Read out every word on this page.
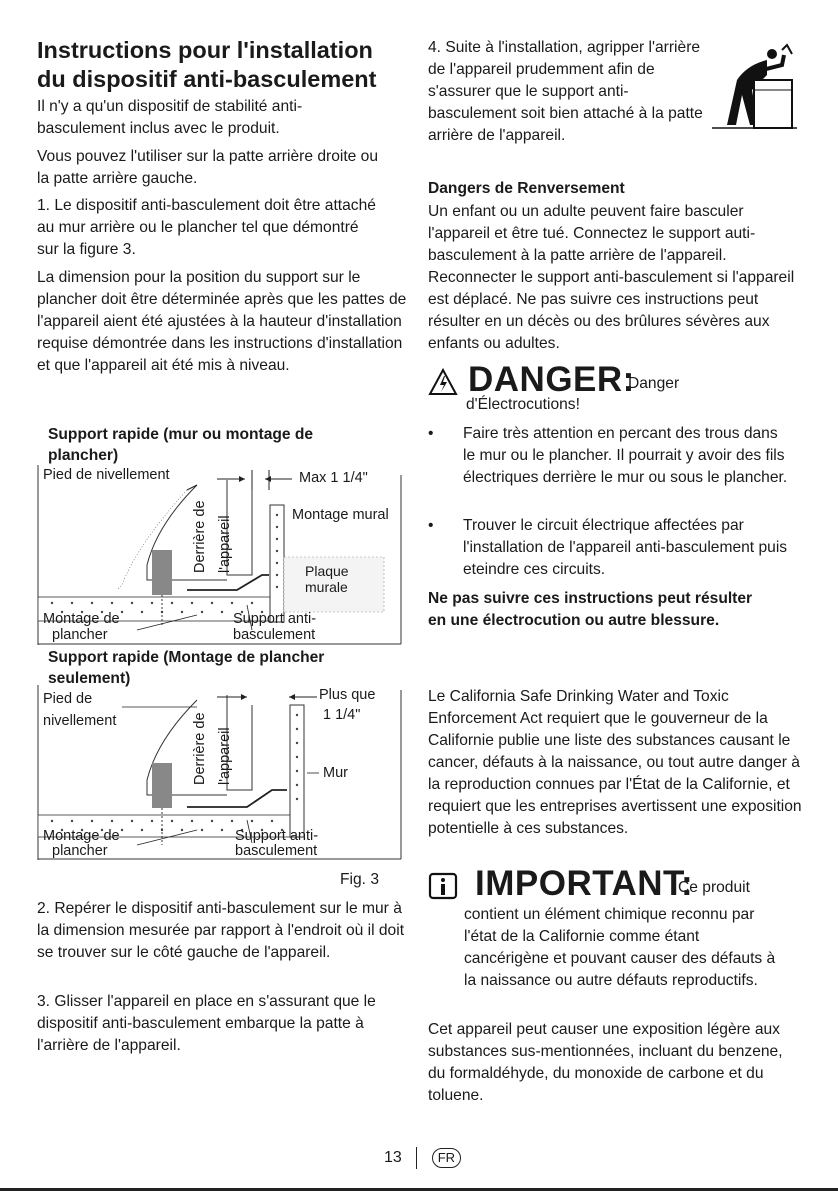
Instructions pour l'installation du dispositif anti-basculement

Il n'y a qu'un dispositif de stabilité anti-basculement inclus avec le produit.

Vous pouvez l'utiliser sur la patte arrière droite ou la patte arrière gauche.

1. Le dispositif anti-basculement doit être attaché au mur arrière ou le plancher tel que démontré sur la figure 3.

La dimension pour la position du support sur le plancher doit être déterminée après que les pattes de l'appareil aient été ajustées à la hauteur d'installation requise démontrée dans les instructions d'installation et que l'appareil ait été mis à niveau.

Support rapide (mur ou montage de plancher)
Pied de nivellement	Max 1 1/4"
Montage mural
Derrière de l'appareil	Plaque
murale
Montage de
plancher
Support anti-
basculement
Support rapide (Montage de plancher seulement)
Pied de
nivellement
Plus que
1 1/4"
Derrière de l'appareil	Mur
Montage de
plancher
Support anti-
basculement
Fig. 3

2. Repérer le dispositif anti-basculement sur le mur à la dimension mesurée par rapport à l'endroit où il doit se trouver sur le côté gauche de l'appareil.

3. Glisser l'appareil en place en s'assurant que le dispositif anti-basculement embarque la patte à l'arrière de l'appareil.

4. Suite à l'installation, agripper l'arrière de l'appareil prudemment afin de s'assurer que le support anti-basculement soit bien attaché à la patte arrière de l'appareil.

Dangers de Renversement

Un enfant ou un adulte peuvent faire basculer l'appareil et être tué. Connectez le support auti-basculement à la patte arrière de l'appareil. Reconnecter le support anti-basculement si l'appareil est déplacé. Ne pas suivre ces instructions peut résulter en un décès ou des brûlures sévères aux enfants ou adultes.

DANGER:
Danger
d'Électrocutions!
• Faire très attention en percant des trous dans le mur ou le plancher. Il pourrait y avoir des fils électriques derrière le mur ou sous le plancher.
• Trouver le circuit électrique affectées par l'installation de l'appareil anti-basculement puis eteindre ces circuits.
Ne pas suivre ces instructions peut résulter en une électrocution ou autre blessure.

Le California Safe Drinking Water and Toxic Enforcement Act requiert que le gouverneur de la Californie publie une liste des substances causant le cancer, défauts à la naissance, ou tout autre danger à la reproduction connues par l'État de la Californie, et requiert que les entreprises avertissent une exposition potentielle à ces substances.

IMPORTANT:
Ce produit

contient un élément chimique reconnu par l'état de la Californie comme étant cancérigène et pouvant causer des défauts à la naissance ou autre défauts reproductifs.

Cet appareil peut causer une exposition légère aux substances sus-mentionnées, incluant du benzene, du formaldéhyde, du monoxide de carbone et du toluene.

13	FR
